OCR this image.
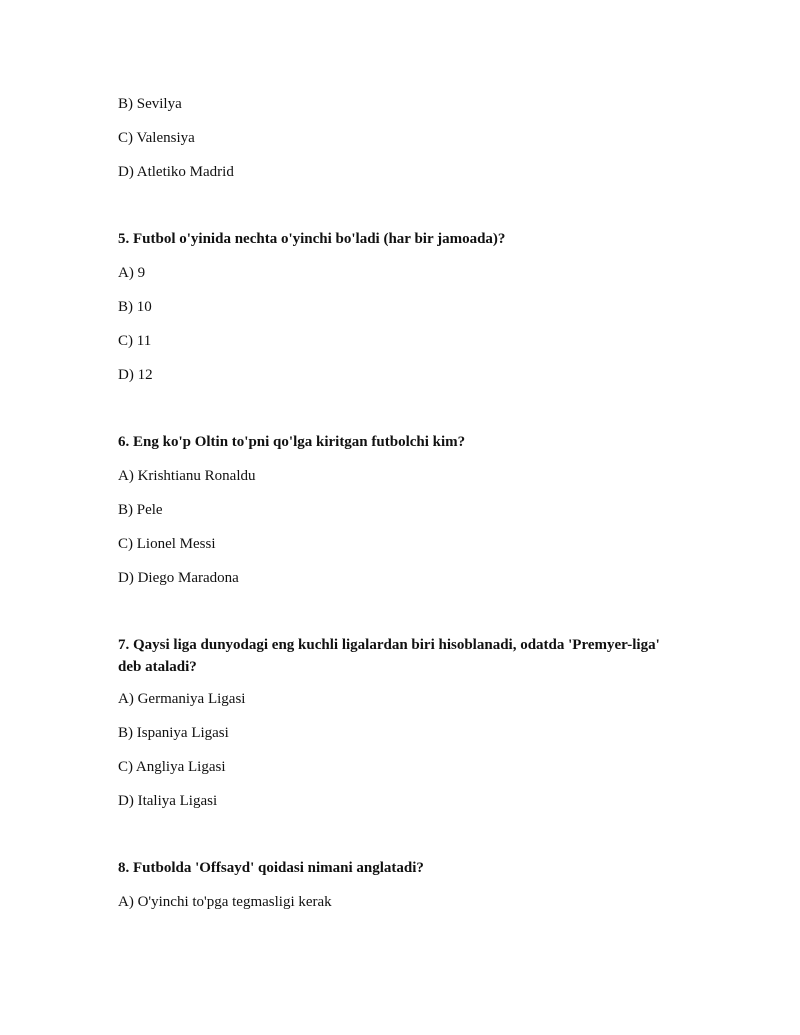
B) Sevilya
C) Valensiya
D) Atletiko Madrid
5. Futbol o'yinida nechta o'yinchi bo'ladi (har bir jamoada)?
A) 9
B) 10
C) 11
D) 12
6. Eng ko'p Oltin to'pni qo'lga kiritgan futbolchi kim?
A) Krishtianu Ronaldu
B) Pele
C) Lionel Messi
D) Diego Maradona
7. Qaysi liga dunyodagi eng kuchli ligalardan biri hisoblanadi, odatda 'Premyer-liga' deb ataladi?
A) Germaniya Ligasi
B) Ispaniya Ligasi
C) Angliya Ligasi
D) Italiya Ligasi
8. Futbolda 'Offsayd' qoidasi nimani anglatadi?
A) O'yinchi to'pga tegmasligi kerak
